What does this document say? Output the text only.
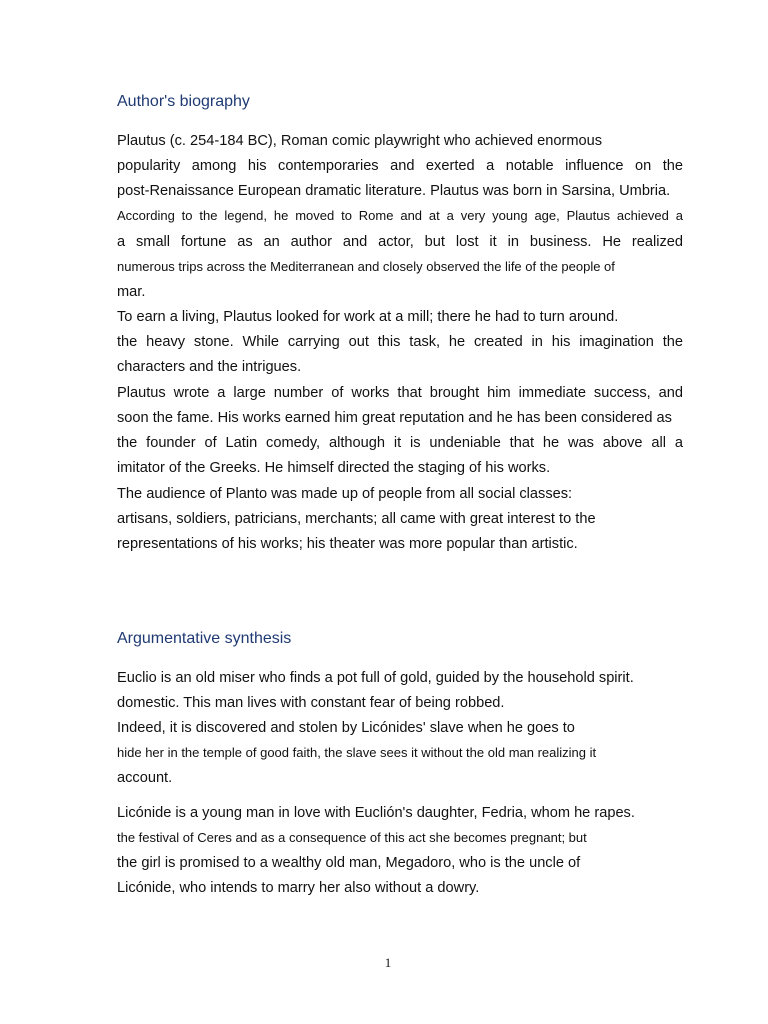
Author's biography

Plautus (c. 254-184 BC), Roman comic playwright who achieved enormous

popularity among his contemporaries and exerted a notable influence on the

post-Renaissance European dramatic literature. Plautus was born in Sarsina, Umbria.

According to the legend, he moved to Rome and at a very young age, Plautus achieved a

a small fortune as an author and actor, but lost it in business. He realized

numerous trips across the Mediterranean and closely observed the life of the people of

mar.

To earn a living, Plautus looked for work at a mill; there he had to turn around.

the heavy stone. While carrying out this task, he created in his imagination the

characters and the intrigues.

Plautus wrote a large number of works that brought him immediate success, and

soon the fame. His works earned him great reputation and he has been considered as

the founder of Latin comedy, although it is undeniable that he was above all a

imitator of the Greeks. He himself directed the staging of his works.

The audience of Planto was made up of people from all social classes:

artisans, soldiers, patricians, merchants; all came with great interest to the

representations of his works; his theater was more popular than artistic.

Argumentative synthesis

Euclio is an old miser who finds a pot full of gold, guided by the household spirit.

domestic. This man lives with constant fear of being robbed.

Indeed, it is discovered and stolen by Licónides' slave when he goes to

hide her in the temple of good faith, the slave sees it without the old man realizing it

account.

Licónide is a young man in love with Euclión's daughter, Fedria, whom he rapes.

the festival of Ceres and as a consequence of this act she becomes pregnant; but

the girl is promised to a wealthy old man, Megadoro, who is the uncle of

Licónide, who intends to marry her also without a dowry.

1
